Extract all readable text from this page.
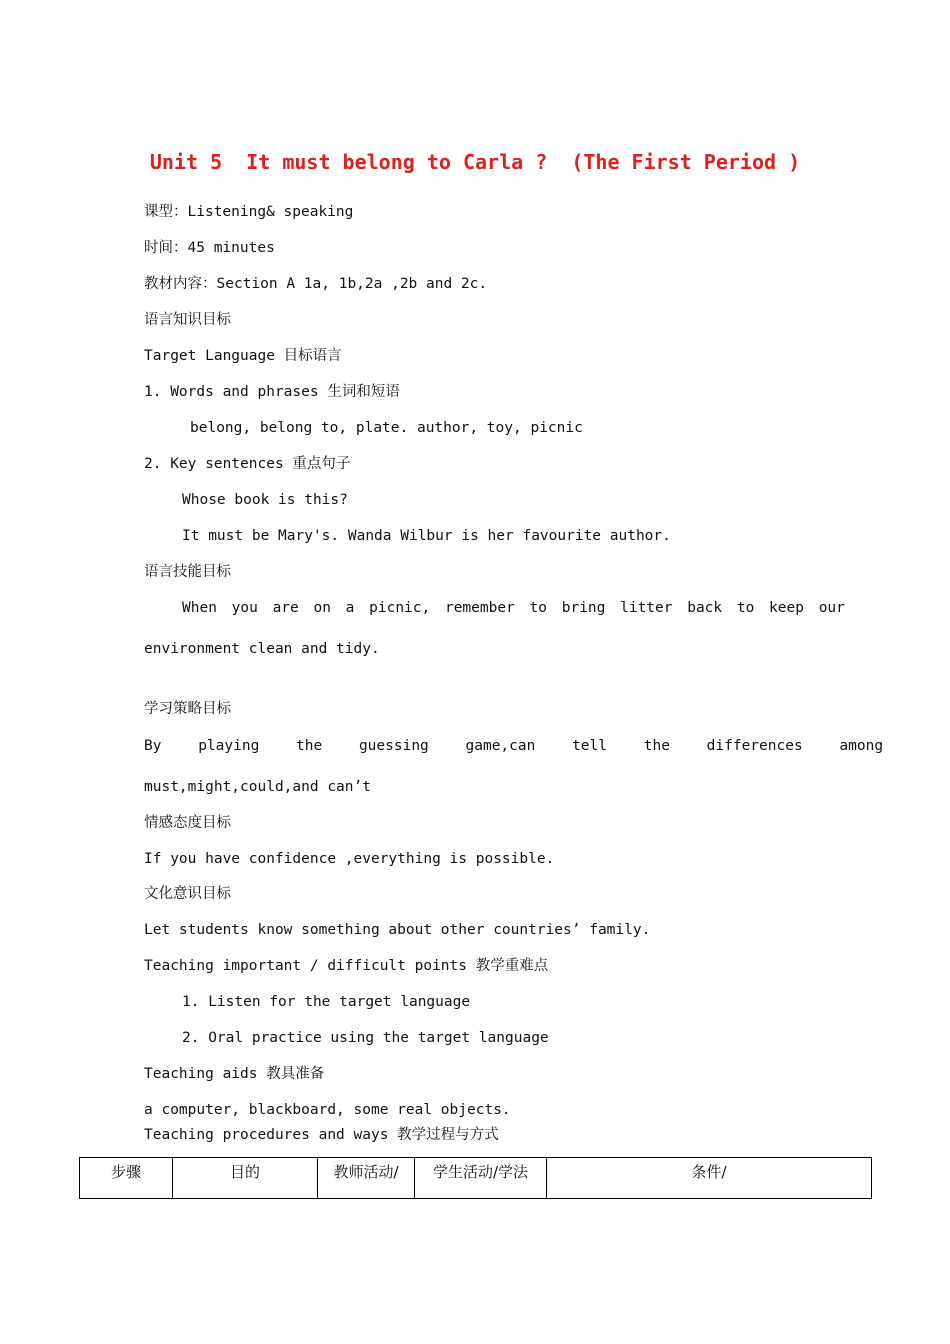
Unit 5  It must belong to Carla ?  (The First Period )
课型：Listening& speaking
时间：45 minutes
教材内容：Section A 1a, 1b,2a ,2b and 2c.
语言知识目标
Target Language 目标语言
1. Words and phrases 生词和短语
belong, belong to, plate. author, toy, picnic
2. Key sentences 重点句子
Whose book is this?
It must be Mary's. Wanda Wilbur is her favourite author.
语言技能目标
When you are on a picnic, remember to bring litter back to keep our
environment clean and tidy.
学习策略目标
By playing the guessing game,can tell the differences among
must,might,could,and can’t
情感态度目标
If you have confidence ,everything is possible.
文化意识目标
Let students know something about other countries’ family.
Teaching important / difficult points 教学重难点
1. Listen for the target language
2. Oral practice using the target language
Teaching aids 教具准备
a computer, blackboard, some real objects.
Teaching procedures and ways 教学过程与方式
步骤	目的	教师活动/	学生活动/学法	条件/
